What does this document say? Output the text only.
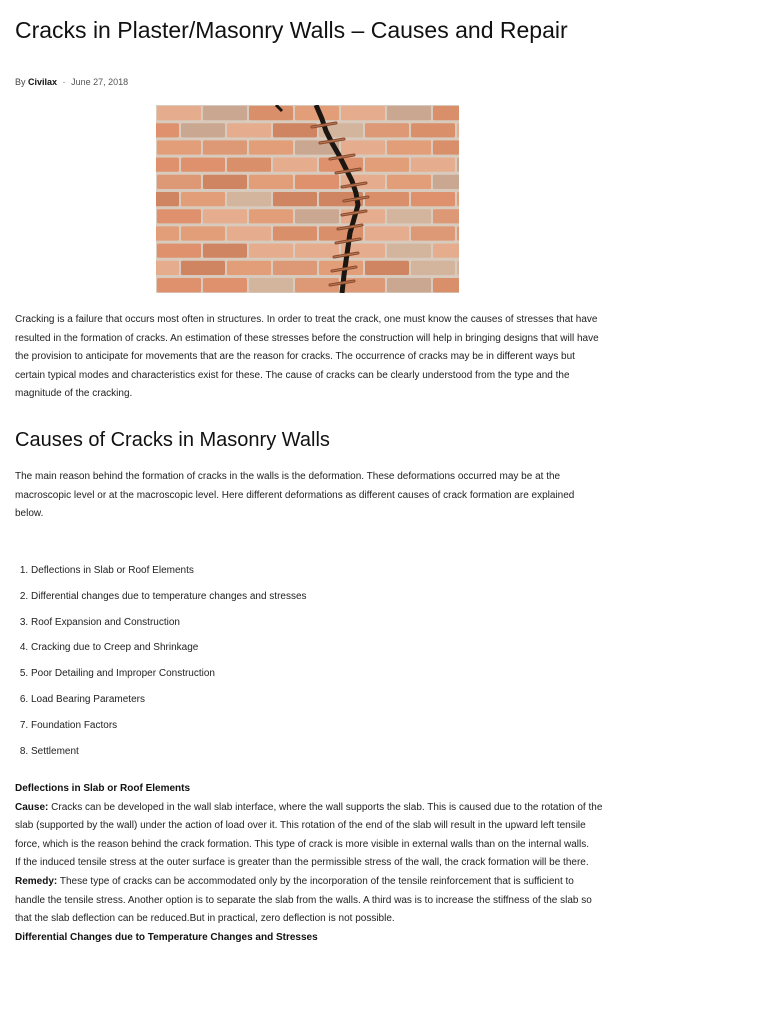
Cracks in Plaster/Masonry Walls – Causes and Repair
By Civilax - June 27, 2018
Cracking is a failure that occurs most often in structures. In order to treat the crack, one must know the causes of stresses that have resulted in the formation of cracks. An estimation of these stresses before the construction will help in bringing designs that will have the provision to anticipate for movements that are the reason for cracks. The occurrence of cracks may be in different ways but certain typical modes and characteristics exist for these. The cause of cracks can be clearly understood from the type and the magnitude of the cracking.
Causes of Cracks in Masonry Walls
The main reason behind the formation of cracks in the walls is the deformation. These deformations occurred may be at the macroscopic level or at the macroscopic level. Here different deformations as different causes of crack formation are explained below.
1. Deflections in Slab or Roof Elements
2. Differential changes due to temperature changes and stresses
3. Roof Expansion and Construction
4. Cracking due to Creep and Shrinkage
5. Poor Detailing and Improper Construction
6. Load Bearing Parameters
7. Foundation Factors
8. Settlement
Deflections in Slab or Roof Elements
Cause: Cracks can be developed in the wall slab interface, where the wall supports the slab. This is caused due to the rotation of the slab (supported by the wall) under the action of load over it. This rotation of the end of the slab will result in the upward left tensile force, which is the reason behind the crack formation. This type of crack is more visible in external walls than on the internal walls.
If the induced tensile stress at the outer surface is greater than the permissible stress of the wall, the crack formation will be there.
Remedy: These type of cracks can be accommodated only by the incorporation of the tensile reinforcement that is sufficient to handle the tensile stress. Another option is to separate the slab from the walls. A third was is to increase the stiffness of the slab so that the slab deflection can be reduced.But in practical, zero deflection is not possible.
Differential Changes due to Temperature Changes and Stresses
